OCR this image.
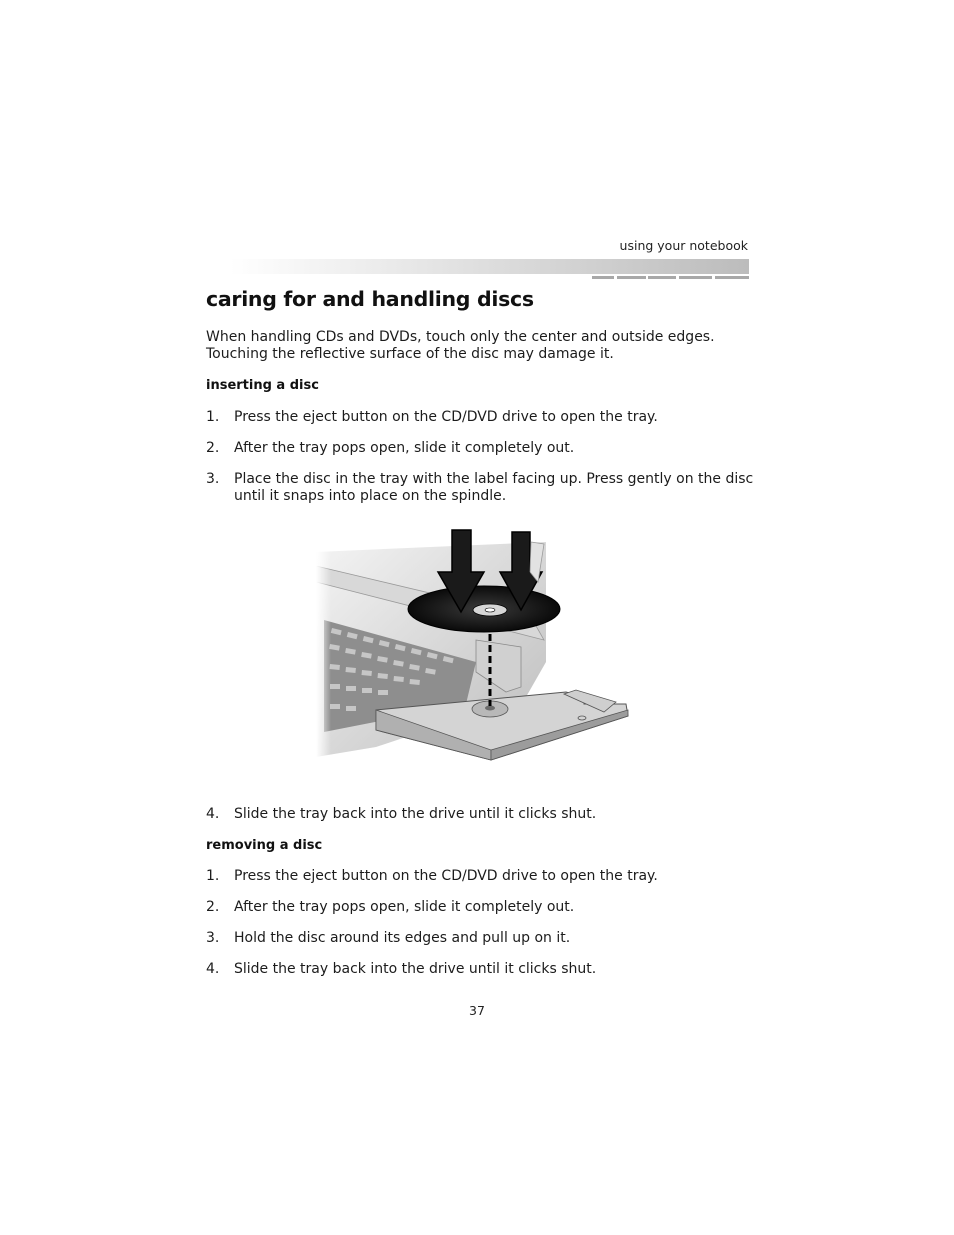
using your notebook
caring for and handling discs
When handling CDs and DVDs, touch only the center and outside edges.
Touching the reflective surface of the disc may damage it.
inserting a disc
1.	Press the eject button on the CD/DVD drive to open the tray.
2.	After the tray pops open, slide it completely out.
3.	Place the disc in the tray with the label facing up. Press gently on the disc
until it snaps into place on the spindle.
4.	Slide the tray back into the drive until it clicks shut.
removing a disc
1.	Press the eject button on the CD/DVD drive to open the tray.
2.	After the tray pops open, slide it completely out.
3.	Hold the disc around its edges and pull up on it.
4.	Slide the tray back into the drive until it clicks shut.
37
